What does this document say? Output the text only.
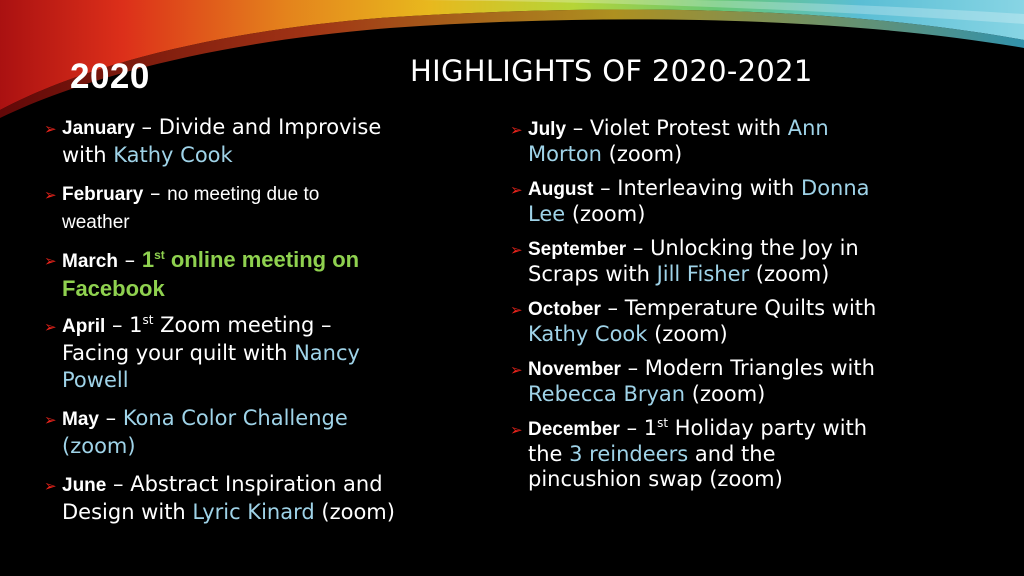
2020	HIGHLIGHTS OF 2020-2021
➢ January – Divide and Improvise
with Kathy Cook
➢ February – no meeting due to
weather
➢ March – 1st online meeting on
Facebook
➢ April – 1st Zoom meeting –
Facing your quilt with Nancy
Powell
➢ May – Kona Color Challenge
(zoom)
➢ June – Abstract Inspiration and
Design with Lyric Kinard (zoom)
➢ July – Violet Protest with Ann
Morton (zoom)
➢ August – Interleaving with Donna
Lee (zoom)
➢ September – Unlocking the Joy in
Scraps with Jill Fisher (zoom)
➢ October – Temperature Quilts with
Kathy Cook (zoom)
➢ November – Modern Triangles with
Rebecca Bryan (zoom)
➢ December – 1st Holiday party with
the 3 reindeers and the
pincushion swap (zoom)
